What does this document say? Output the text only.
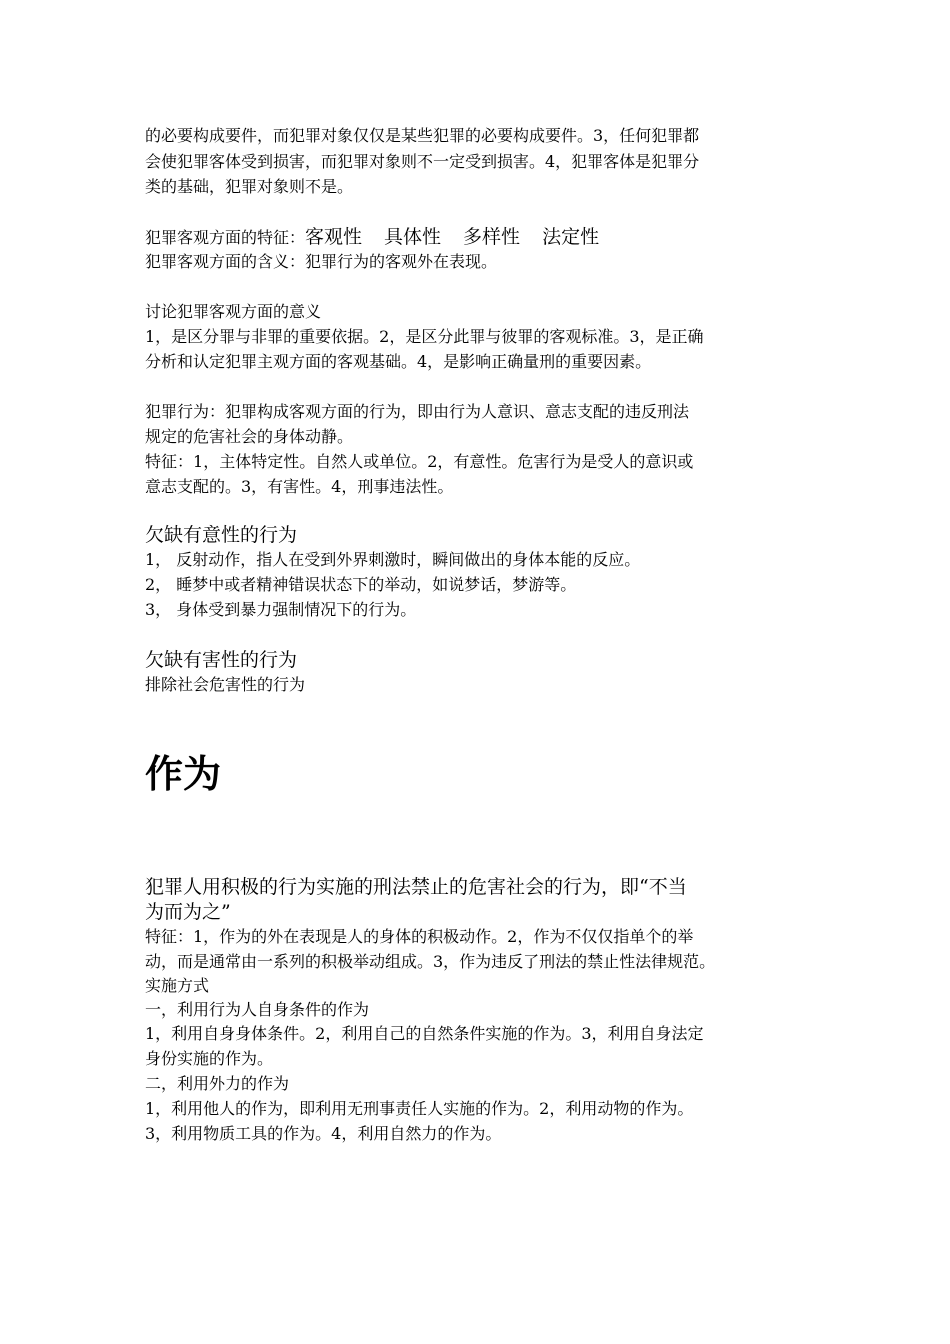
的必要构成要件，而犯罪对象仅仅是某些犯罪的必要构成要件。3，任何犯罪都
会使犯罪客体受到损害，而犯罪对象则不一定受到损害。4，犯罪客体是犯罪分
类的基础，犯罪对象则不是。
犯罪客观方面的特征：客观性 具体性 多样性 法定性
犯罪客观方面的含义：犯罪行为的客观外在表现。
讨论犯罪客观方面的意义
1，是区分罪与非罪的重要依据。2，是区分此罪与彼罪的客观标准。3，是正确
分析和认定犯罪主观方面的客观基础。4，是影响正确量刑的重要因素。
犯罪行为：犯罪构成客观方面的行为，即由行为人意识、意志支配的违反刑法
规定的危害社会的身体动静。
特征：1，主体特定性。自然人或单位。2，有意性。危害行为是受人的意识或
意志支配的。3，有害性。4，刑事违法性。
欠缺有意性的行为
1， 反射动作，指人在受到外界刺激时，瞬间做出的身体本能的反应。
2， 睡梦中或者精神错误状态下的举动，如说梦话，梦游等。
3， 身体受到暴力强制情况下的行为。
欠缺有害性的行为
排除社会危害性的行为
作为
犯罪人用积极的行为实施的刑法禁止的危害社会的行为，即“不当
为而为之”
特征：1，作为的外在表现是人的身体的积极动作。2，作为不仅仅指单个的举
动，而是通常由一系列的积极举动组成。3，作为违反了刑法的禁止性法律规范。
实施方式
一，利用行为人自身条件的作为
1，利用自身身体条件。2，利用自己的自然条件实施的作为。3，利用自身法定
身份实施的作为。
二，利用外力的作为
1，利用他人的作为，即利用无刑事责任人实施的作为。2，利用动物的作为。
3，利用物质工具的作为。4，利用自然力的作为。
